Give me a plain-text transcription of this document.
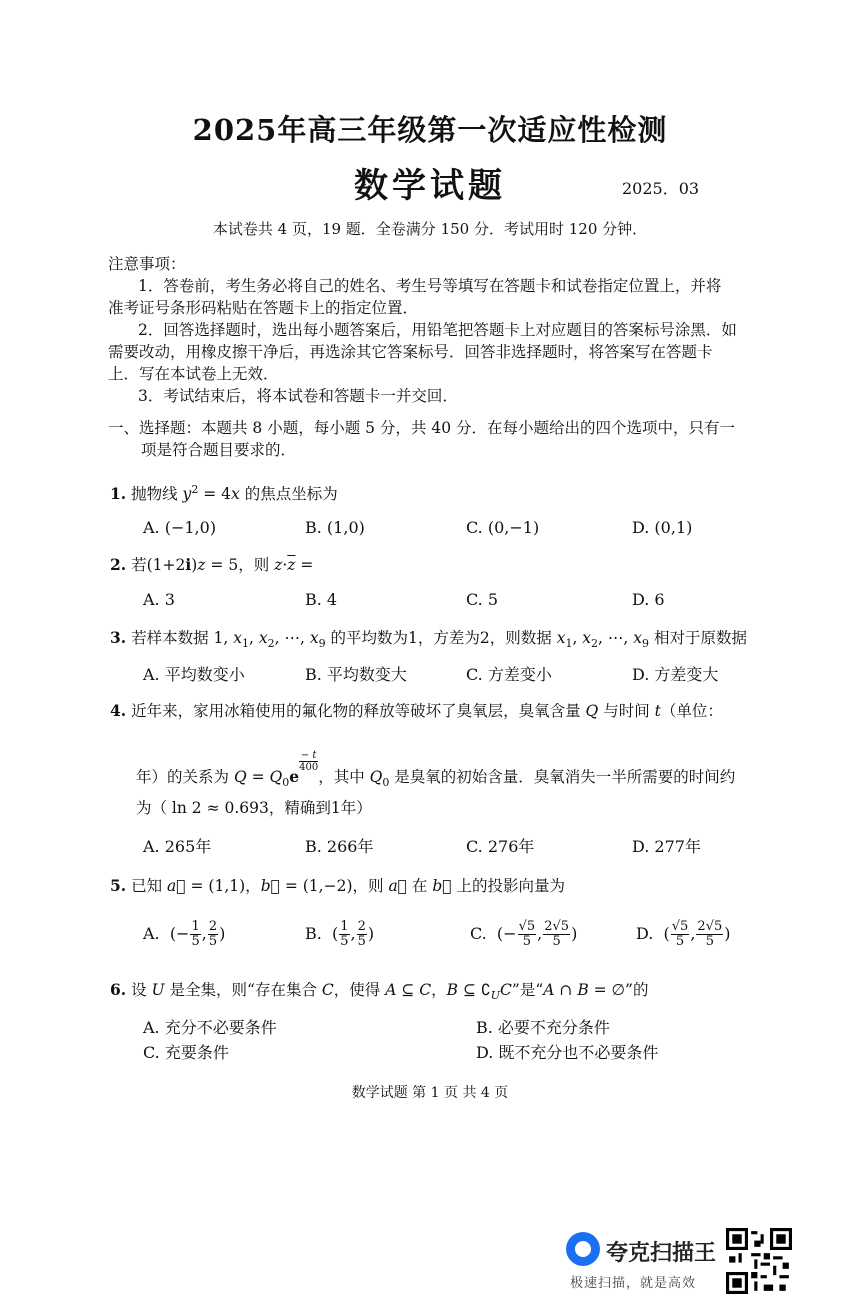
2025年高三年级第一次适应性检测
数学试题	2025．03
本试卷共 4 页，19 题．全卷满分 150 分．考试用时 120 分钟．
注意事项：
1．答卷前，考生务必将自己的姓名、考生号等填写在答题卡和试卷指定位置上，并将
准考证号条形码粘贴在答题卡上的指定位置．
2．回答选择题时，选出每小题答案后，用铅笔把答题卡上对应题目的答案标号涂黑．如
需要改动，用橡皮擦干净后，再选涂其它答案标号．回答非选择题时，将答案写在答题卡
上．写在本试卷上无效．
3．考试结束后，将本试卷和答题卡一并交回．
一、选择题：本题共 8 小题，每小题 5 分，共 40 分．在每小题给出的四个选项中，只有一
项是符合题目要求的．
1. 抛物线 $y^2 = 4x$ 的焦点坐标为
A. (−1,0)	B. (1,0)	C. (0,−1)	D. (0,1)
2. 若(1+2i)z = 5，则 $z\cdot\overline{z}$ =
A. 3	B. 4	C. 5	D. 6
3. 若样本数据 1, $x_1$, $x_2$, ⋯, $x_9$ 的平均数为1，方差为2，则数据 $x_1$, $x_2$, ⋯, $x_9$ 相对于原数据
A. 平均数变小	B. 平均数变大	C. 方差变小	D. 方差变大
4. 近年来，家用冰箱使用的氟化物的释放等破坏了臭氧层，臭氧含量 Q 与时间 t（单位：
年）的关系为 $Q = Q_0e$
$\frac{- t}{400}$
，其中 $Q_0$ 是臭氧的初始含量．臭氧消失一半所需要的时间约
为（ ln 2 ≈ 0.693，精确到1年）
A. 265年	B. 266年	C. 276年	D. 277年
5. 已知 a⃗ = (1,1)，b⃗ = (1,−2)，则 a⃗ 在 b⃗ 上的投影向量为
A.  (− $\frac{1}{5}$ , $\frac{2}{5}$ )	B.  ( $\frac{1}{5}$ , $\frac{2}{5}$ )	C.  (− $\frac{√5}{5}$ , $\frac{2√5}{5}$ )	D.  ( $\frac{√5}{5}$ , $\frac{2√5}{5}$ )
6. 设 U 是全集，则“存在集合 C，使得 A ⊆ C，B ⊆ $∁_UC$”是“A ∩ B = ∅”的
A. 充分不必要条件	B. 必要不充分条件
C. 充要条件	D. 既不充分也不必要条件
数学试题 第 1 页 共 4 页
夸克扫描王
极速扫描，就是高效
